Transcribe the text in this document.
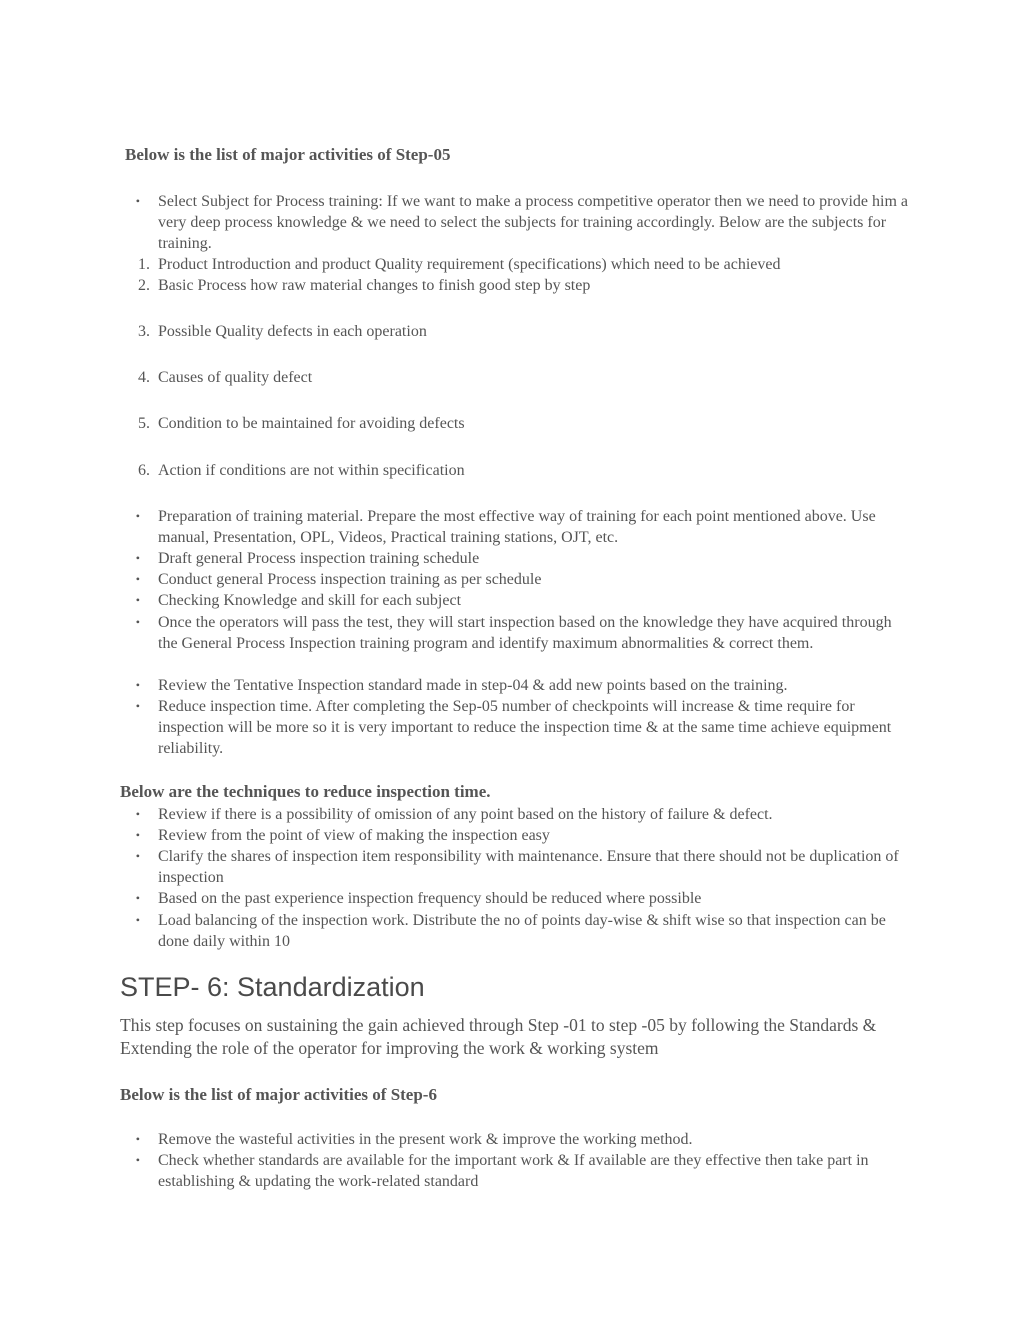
Below is the list of major activities of Step-05
• Select Subject for Process training: If we want to make a process competitive operator then we need to provide him a very deep process knowledge & we need to select the subjects for training accordingly. Below are the subjects for training.
1. Product Introduction and product Quality requirement (specifications) which need to be achieved
2. Basic Process how raw material changes to finish good step by step
3. Possible Quality defects in each operation
4. Causes of quality defect
5. Condition to be maintained for avoiding defects
6. Action if conditions are not within specification
• Preparation of training material. Prepare the most effective way of training for each point mentioned above. Use manual, Presentation, OPL, Videos, Practical training stations, OJT, etc.
• Draft general Process inspection training schedule
• Conduct general Process inspection training as per schedule
• Checking Knowledge and skill for each subject
• Once the operators will pass the test, they will start inspection based on the knowledge they have acquired through the General Process Inspection training program and identify maximum abnormalities & correct them.
• Review the Tentative Inspection standard made in step-04 & add new points based on the training.
• Reduce inspection time. After completing the Sep-05 number of checkpoints will increase & time require for inspection will be more so it is very important to reduce the inspection time & at the same time achieve equipment reliability.
Below are the techniques to reduce inspection time.
• Review if there is a possibility of omission of any point based on the history of failure & defect.
• Review from the point of view of making the inspection easy
• Clarify the shares of inspection item responsibility with maintenance. Ensure that there should not be duplication of inspection
• Based on the past experience inspection frequency should be reduced where possible
• Load balancing of the inspection work. Distribute the no of points day-wise & shift wise so that inspection can be done daily within 10
STEP- 6: Standardization

This step focuses on sustaining the gain achieved through Step -01 to step -05 by following the Standards & Extending the role of the operator for improving the work & working system

Below is the list of major activities of Step-6
• Remove the wasteful activities in the present work & improve the working method.
• Check whether standards are available for the important work & If available are they effective then take part in establishing & updating the work-related standard
